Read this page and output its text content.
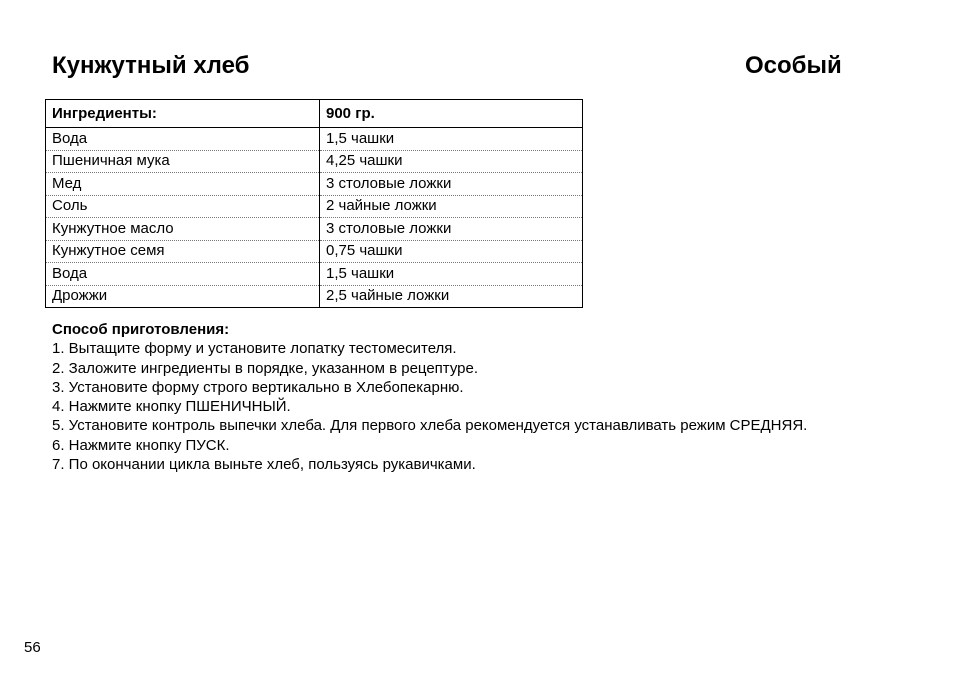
Кунжутный хлеб	Особый
Ингредиенты:	900 гр.
Вода	1,5 чашки
Пшеничная мука	4,25 чашки
Мед	3 столовые ложки
Соль	2 чайные ложки
Кунжутное масло	3 столовые ложки
Кунжутное семя	0,75 чашки
Вода	1,5 чашки
Дрожжи	2,5 чайные ложки
Способ приготовления:
1. Вытащите форму и установите лопатку тестомесителя.
2. Заложите ингредиенты в порядке, указанном в рецептуре.
3. Установите форму строго вертикально в Хлебопекарню.
4. Нажмите кнопку ПШЕНИЧНЫЙ.
5. Установите контроль выпечки хлеба. Для первого хлеба рекомендуется устанавливать режим СРЕДНЯЯ.
6. Нажмите кнопку ПУСК.
7. По окончании цикла выньте хлеб, пользуясь рукавичками.
56
